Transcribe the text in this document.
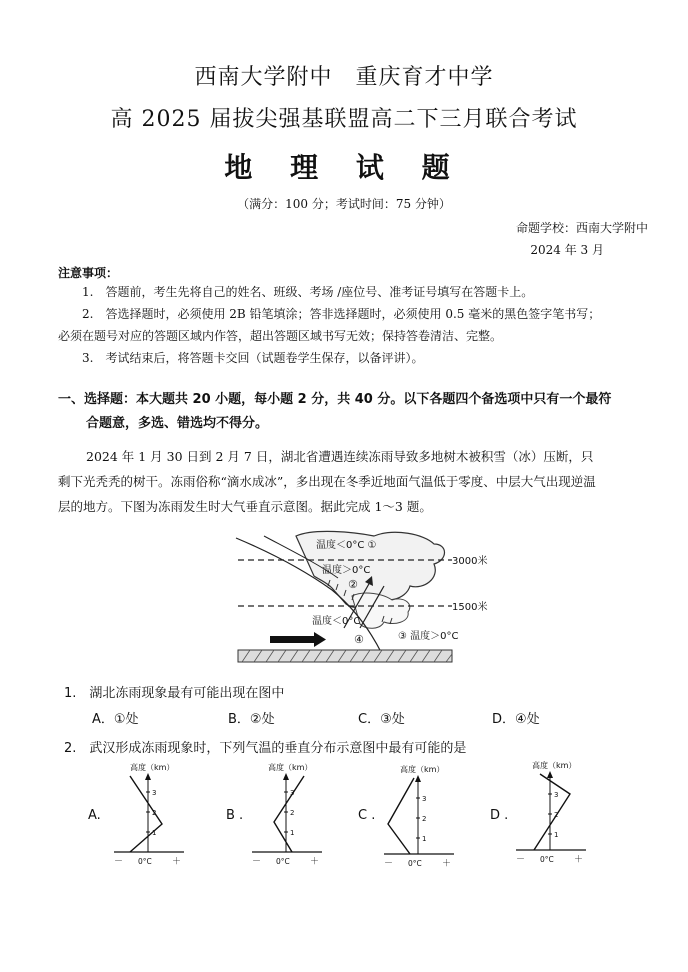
西南大学附中　重庆育才中学
高 2025 届拔尖强基联盟高二下三月联合考试
地 理 试 题
（满分：100 分；考试时间：75 分钟）
命题学校：西南大学附中
2024 年 3 月
注意事项：
1.　答题前，考生先将自己的姓名、班级、考场 /座位号、准考证号填写在答题卡上。
2.　答选择题时，必须使用 2B 铅笔填涂；答非选择题时，必须使用 0.5 毫米的黑色签字笔书写；
必须在题号对应的答题区域内作答，超出答题区域书写无效；保持答卷清洁、完整。
3.　考试结束后，将答题卡交回（试题卷学生保存，以备评讲）。
一、选择题：本大题共 20 小题，每小题 2 分，共 40 分。以下各题四个备选项中只有一个最符
合题意，多选、错选均不得分。
2024 年 1 月 30 日到 2 月 7 日，湖北省遭遇连续冻雨导致多地树木被积雪（冰）压断，只
剩下光秃秃的树干。冻雨俗称“滴水成冰”，多出现在冬季近地面气温低于零度、中层大气出现逆温
层的地方。下图为冻雨发生时大气垂直示意图。据此完成 1～3 题。
温度＜0°C ①
温度＞0°C
②
温度＜0°C
④	③ 温度＞0°C
3000米
1500米
1.　湖北冻雨现象最有可能出现在图中
A．①处	B．②处	C．③处	D．④处
2.　武汉形成冻雨现象时，下列气温的垂直分布示意图中最有可能的是
A.	B .	C .	D .
高度（km）
1
2
3
－ 0°C ＋
高度（km）
1
2
3
－ 0°C ＋
高度（km）
1
2
3
－ 0°C ＋
高度（km）
1
2
3
－ 0°C ＋
